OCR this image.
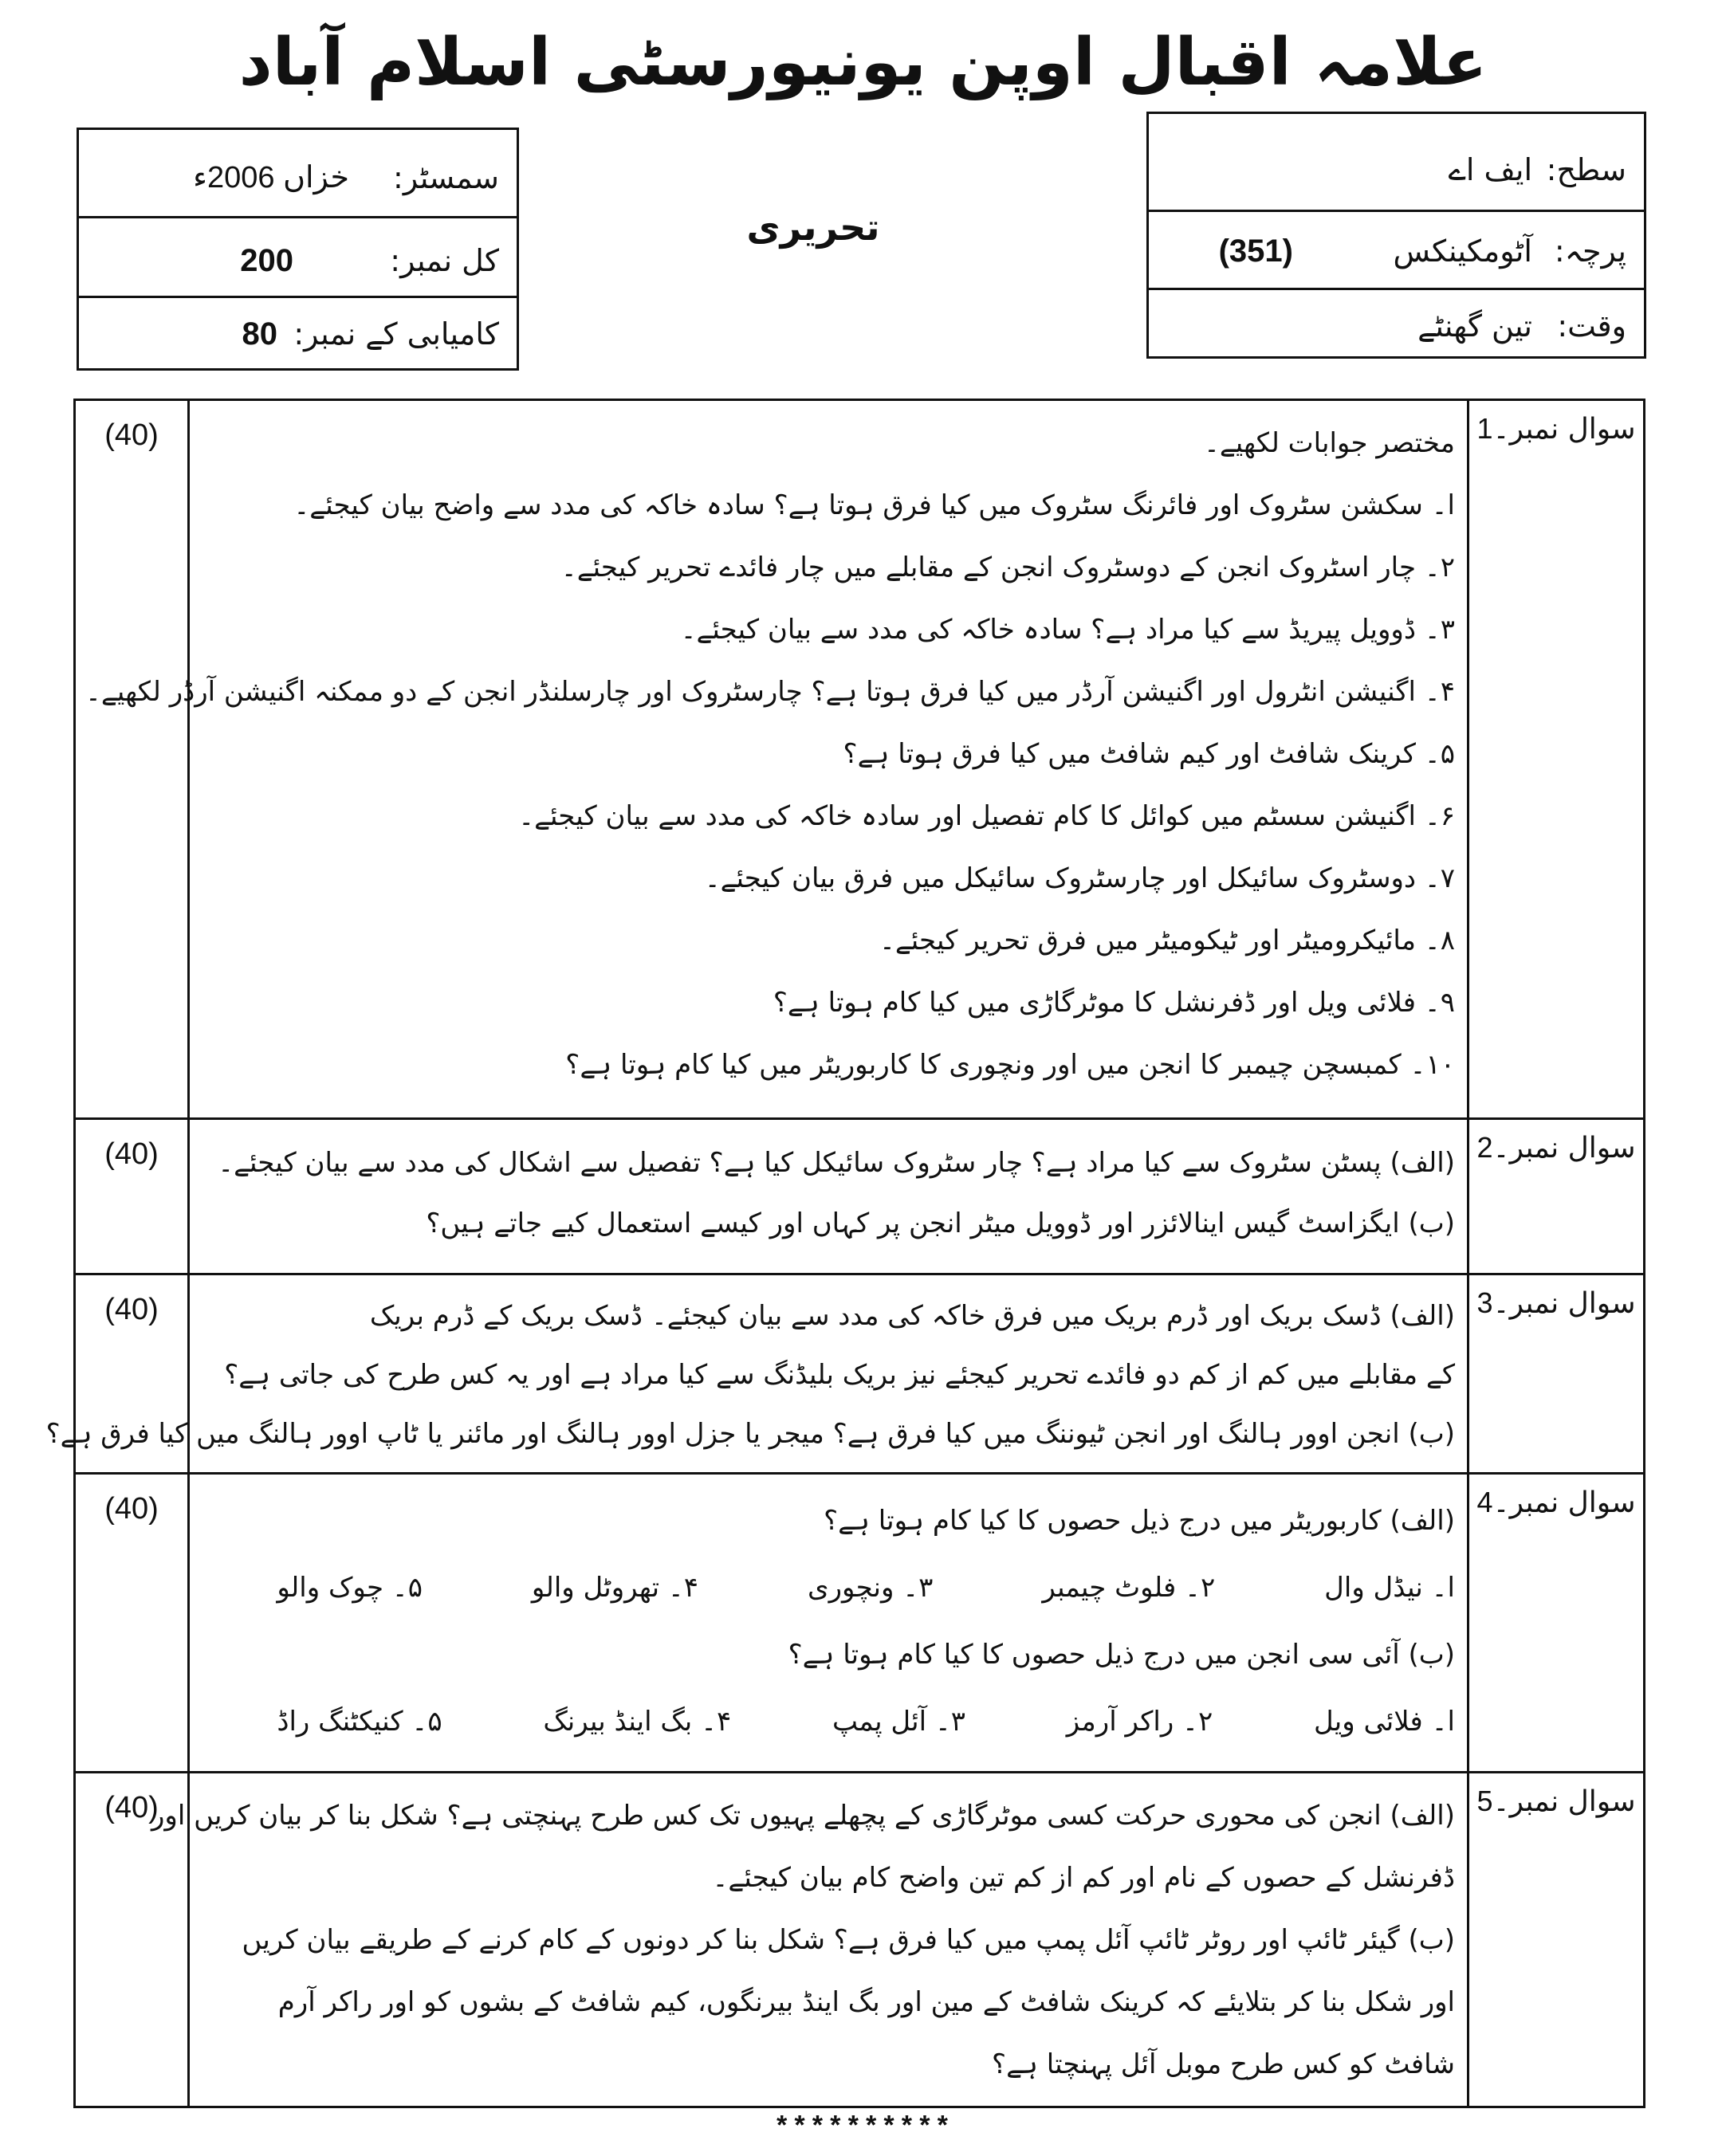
علامہ اقبال اوپن یونیورسٹی اسلام آباد
سمسٹر:
خزاں 2006ء
کل نمبر:
200
کامیابی کے نمبر:
80
تحریری
سطح:
ایف اے
پرچہ:
آٹومکینکس
(351)
وقت:
تین گھنٹے
سوال نمبر۔1
(40)	مختصر جوابات لکھیے۔
ا۔ سکشن سٹروک اور فائرنگ سٹروک میں کیا فرق ہوتا ہے؟ سادہ خاکہ کی مدد سے واضح بیان کیجئے۔
۲۔ چار اسٹروک انجن کے دوسٹروک انجن کے مقابلے میں چار فائدے تحریر کیجئے۔
۳۔ ڈوویل پیریڈ سے کیا مراد ہے؟ سادہ خاکہ کی مدد سے بیان کیجئے۔
۴۔ اگنیشن انٹرول اور اگنیشن آرڈر میں کیا فرق ہوتا ہے؟ چارسٹروک اور چارسلنڈر انجن کے دو ممکنہ اگنیشن آرڈر لکھیے۔
۵۔ کرینک شافٹ اور کیم شافٹ میں کیا فرق ہوتا ہے؟
۶۔ اگنیشن سسٹم میں کوائل کا کام تفصیل اور سادہ خاکہ کی مدد سے بیان کیجئے۔
۷۔ دوسٹروک سائیکل اور چارسٹروک سائیکل میں فرق بیان کیجئے۔
۸۔ مائیکرومیٹر اور ٹیکومیٹر میں فرق تحریر کیجئے۔
۹۔ فلائی ویل اور ڈفرنشل کا موٹرگاڑی میں کیا کام ہوتا ہے؟
۱۰۔ کمبسچن چیمبر کا انجن میں اور ونچوری کا کاربوریٹر میں کیا کام ہوتا ہے؟
سوال نمبر۔2
(40)	(الف) پسٹن سٹروک سے کیا مراد ہے؟ چار سٹروک سائیکل کیا ہے؟ تفصیل سے اشکال کی مدد سے بیان کیجئے۔
(ب) ایگزاسٹ گیس اینالائزر اور ڈوویل میٹر انجن پر کہاں اور کیسے استعمال کیے جاتے ہیں؟
سوال نمبر۔3
(40)	(الف) ڈسک بریک اور ڈرم بریک میں فرق خاکہ کی مدد سے بیان کیجئے۔ ڈسک بریک کے ڈرم بریک
کے مقابلے میں کم از کم دو فائدے تحریر کیجئے نیز بریک بلیڈنگ سے کیا مراد ہے اور یہ کس طرح کی جاتی ہے؟
(ب) انجن اوور ہالنگ اور انجن ٹیوننگ میں کیا فرق ہے؟ میجر یا جزل اوور ہالنگ اور مائنر یا ٹاپ اوور ہالنگ میں کیا فرق ہے؟
سوال نمبر۔4
(40)	(الف) کاربوریٹر میں درج ذیل حصوں کا کیا کام ہوتا ہے؟
ا۔ نیڈل وال
۲۔ فلوٹ چیمبر
۳۔ ونچوری
۴۔ تھروٹل والو
۵۔ چوک والو
(ب) آئی سی انجن میں درج ذیل حصوں کا کیا کام ہوتا ہے؟
ا۔ فلائی ویل
۲۔ راکر آرمز
۳۔ آئل پمپ
۴۔ بگ اینڈ بیرنگ
۵۔ کنیکٹنگ راڈ
سوال نمبر۔5
(40)
(الف) انجن کی محوری حرکت کسی موٹرگاڑی کے پچھلے پہیوں تک کس طرح پہنچتی ہے؟ شکل بنا کر بیان کریں اور
ڈفرنشل کے حصوں کے نام اور کم از کم تین واضح کام بیان کیجئے۔
(ب) گیئر ٹائپ اور روٹر ٹائپ آئل پمپ میں کیا فرق ہے؟ شکل بنا کر دونوں کے کام کرنے کے طریقے بیان کریں
اور شکل بنا کر بتلایئے کہ کرینک شافٹ کے مین اور بگ اینڈ بیرنگوں، کیم شافٹ کے بشوں کو اور راکر آرم
شافٹ کو کس طرح موبل آئل پہنچتا ہے؟
**********
